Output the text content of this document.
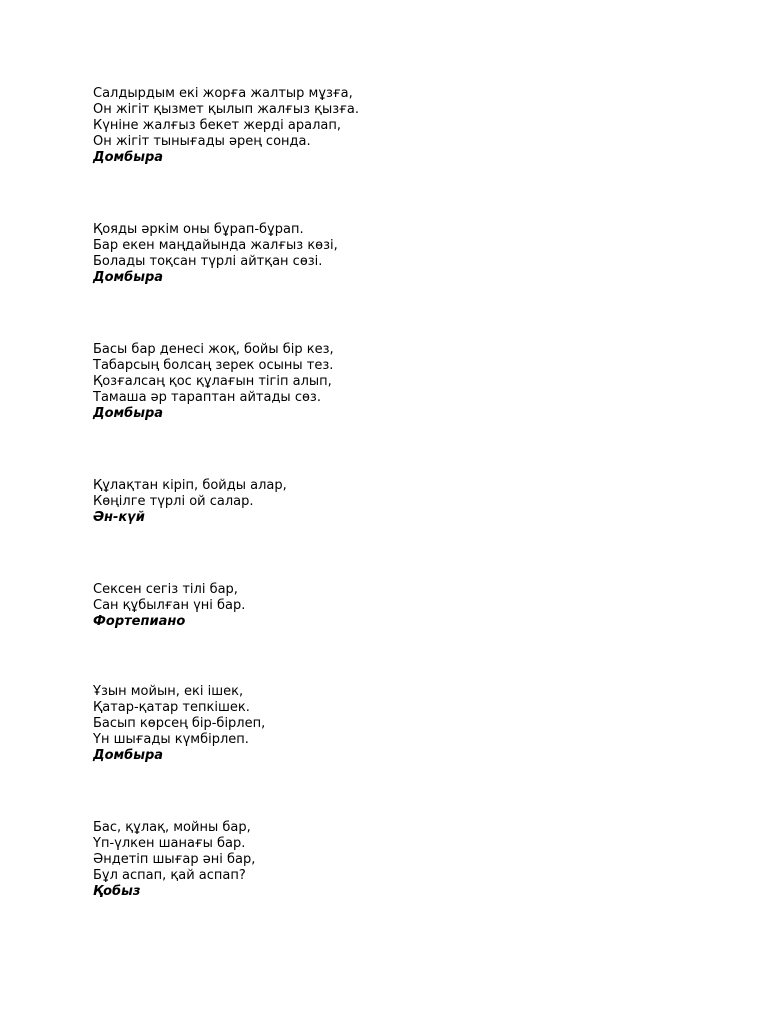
Салдырдым екі жорға жалтыр мұзға,
Он жігіт қызмет қылып жалғыз қызға.
Күніне жалғыз бекет жерді аралап,
Он жігіт тынығады әрең сонда.
Домбыра
Қояды әркім оны бұрап-бұрап.
Бар екен маңдайында жалғыз көзі,
Болады тоқсан түрлі айтқан сөзі.
Домбыра
Басы бар денесі жоқ, бойы бір кез,
Табарсың болсаң зерек осыны тез.
Қозғалсаң қос құлағын тігіп алып,
Тамаша әр тараптан айтады сөз.
Домбыра
Құлақтан кіріп, бойды алар,
Көңілге түрлі ой салар.
Ән-күй
Сексен сегіз тілі бар,
Сан құбылған үні бар.
Фортепиано
Ұзын мойын, екі ішек,
Қатар-қатар тепкішек.
Басып көрсең бір-бірлеп,
Үн шығады күмбірлеп.
Домбыра
Бас, құлақ, мойны бар,
Үп-үлкен шанағы бар.
Әндетіп шығар әні бар,
Бұл аспап, қай аспап?
Қобыз
